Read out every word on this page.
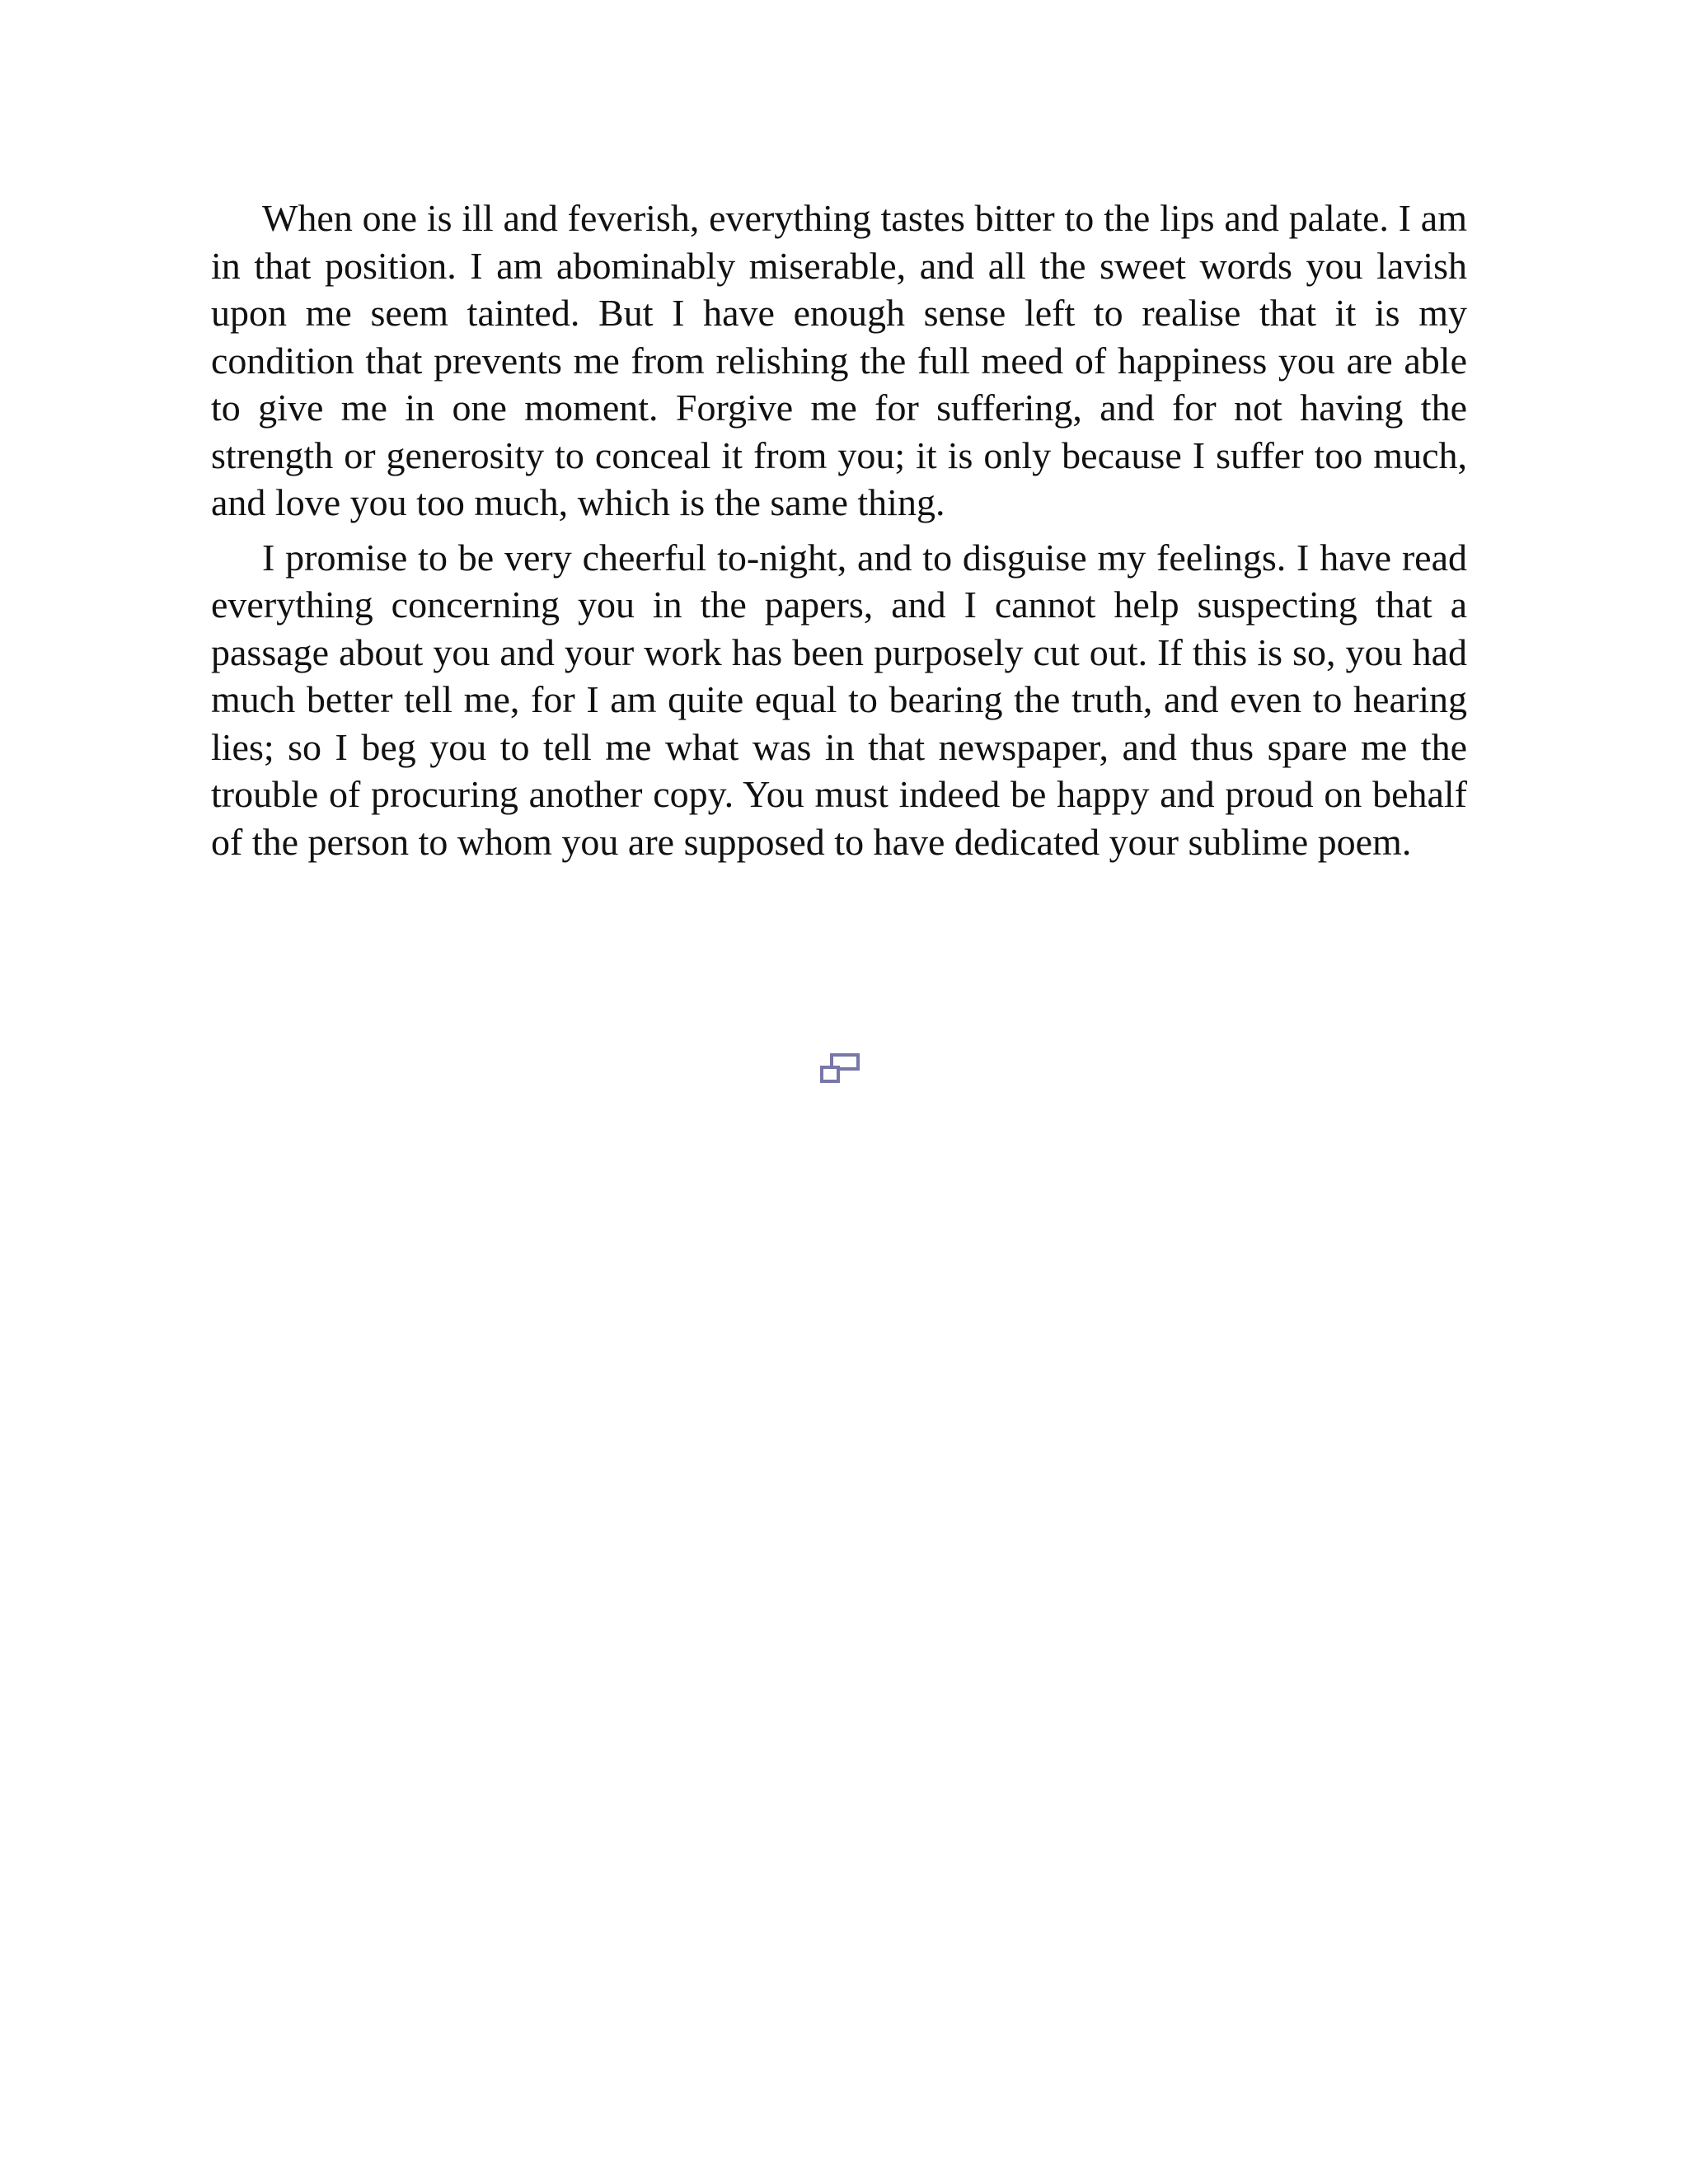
When one is ill and feverish, everything tastes bitter to the lips and palate. I am in that position. I am abominably miserable, and all the sweet words you lavish upon me seem tainted. But I have enough sense left to realise that it is my condition that prevents me from relishing the full meed of happiness you are able to give me in one moment. Forgive me for suffering, and for not having the strength or generosity to conceal it from you; it is only because I suffer too much, and love you too much, which is the same thing.

I promise to be very cheerful to-night, and to disguise my feelings. I have read everything concerning you in the papers, and I cannot help suspecting that a passage about you and your work has been purposely cut out. If this is so, you had much better tell me, for I am quite equal to bearing the truth, and even to hearing lies; so I beg you to tell me what was in that newspaper, and thus spare me the trouble of procuring another copy. You must indeed be happy and proud on behalf of the person to whom you are supposed to have dedicated your sublime poem.
